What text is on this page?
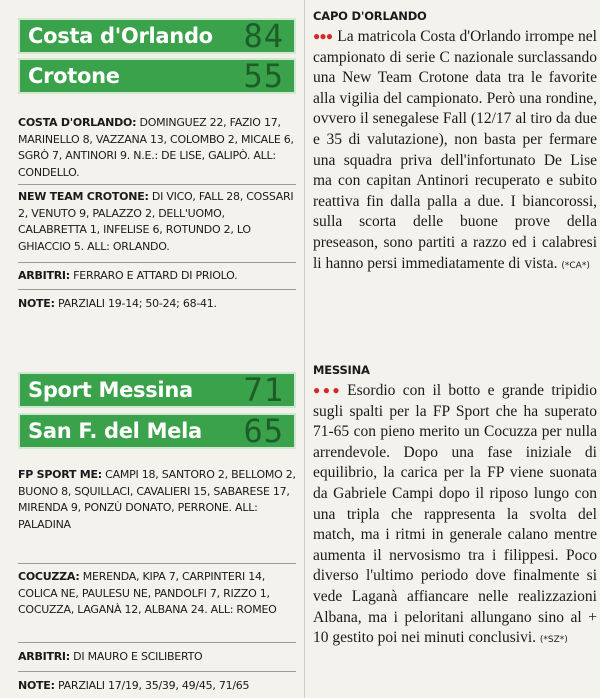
Costa d'Orlando 84
Crotone	55
COSTA D'ORLANDO: DOMINGUEZ 22, FAZIO 17, MARINELLO 8, VAZZANA 13, COLOMBO 2, MICALE 6, SGRÒ 7, ANTINORI 9. N.E.: DE LISE, GALIPÒ. ALL: CONDELLO.
NEW TEAM CROTONE: DI VICO, FALL 28, COSSARI 2, VENUTO 9, PALAZZO 2, DELL'UOMO, CALABRETTA 1, INFELISE 6, ROTUNDO 2, LO GHIACCIO 5. ALL: ORLANDO.
ARBITRI: FERRARO E ATTARD DI PRIOLO.
NOTE: PARZIALI 19-14; 50-24; 68-41.
Sport Messina 71
San F. del Mela 65
FP SPORT ME: CAMPI 18, SANTORO 2, BELLOMO 2, BUONO 8, SQUILLACI, CAVALIERI 15, SABARESE 17, MIRENDA 9, PONZÙ DONATO, PERRONE. ALL: PALADINA
COCUZZA: MERENDA, KIPA 7, CARPINTERI 14, COLICA NE, PAULESU NE, PANDOLFI 7, RIZZO 1, COCUZZA, LAGANÀ 12, ALBANA 24. ALL: ROMEO
ARBITRI: DI MAURO E SCILIBERTO
NOTE: PARZIALI 17/19, 35/39, 49/45, 71/65
CAPO D'ORLANDO
●●● La matricola Costa d'Orlando irrompe nel campionato di serie C nazionale surclassando una New Team Crotone data tra le favorite alla vigilia del campionato. Però una rondine, ovvero il senegalese Fall (12/17 al tiro da due e 35 di valutazione), non basta per fermare una squadra priva dell'infortunato De Lise ma con capitan Antinori recuperato e subito reattiva fin dalla palla a due. I biancorossi, sulla scorta delle buone prove della preseason, sono partiti a razzo ed i calabresi li hanno persi immediatamente di vista. (*CA*)
MESSINA
●●● Esordio con il botto e grande tripidio sugli spalti per la FP Sport che ha superato 71-65 con pieno merito un Cocuzza per nulla arrendevole. Dopo una fase iniziale di equilibrio, la carica per la FP viene suonata da Gabriele Campi dopo il riposo lungo con una tripla che rappresenta la svolta del match, ma i ritmi in generale calano mentre aumenta il nervosismo tra i filippesi. Poco diverso l'ultimo periodo dove finalmente si vede Laganà affiancare nelle realizzazioni Albana, ma i peloritani allungano sino al + 10 gestito poi nei minuti conclusivi. (*SZ*)
